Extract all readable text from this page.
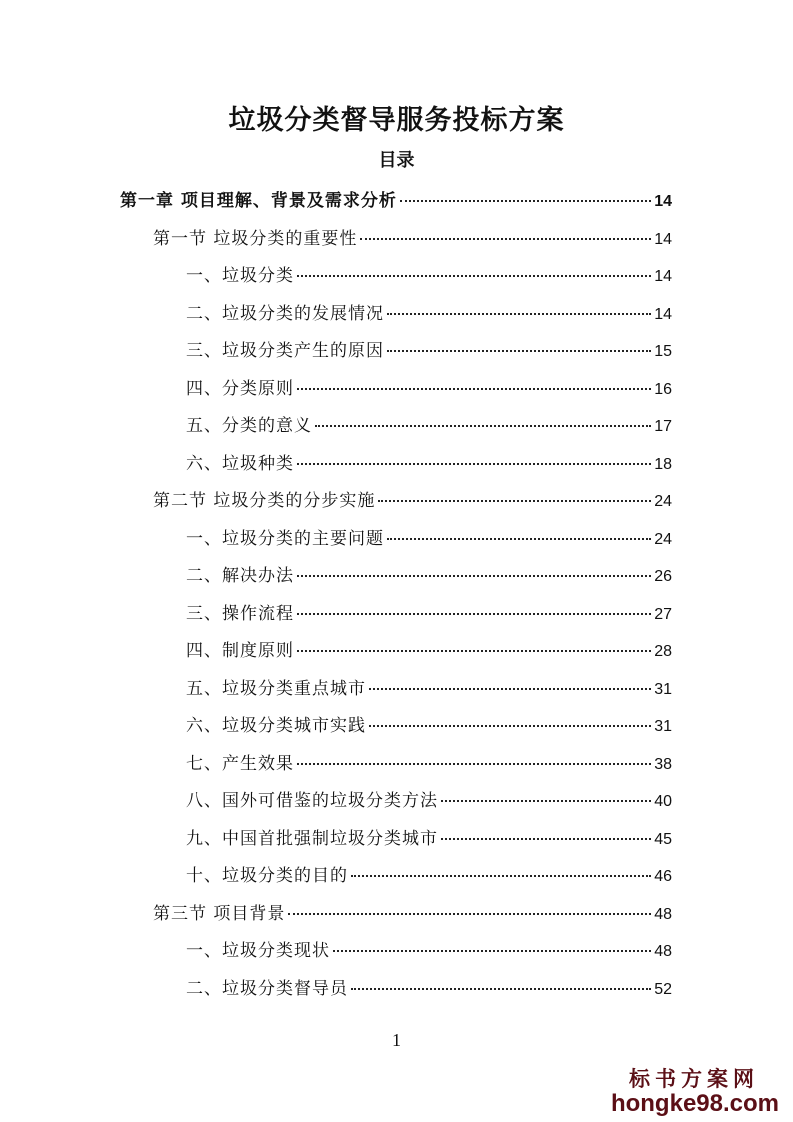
垃圾分类督导服务投标方案
目录
第一章 项目理解、背景及需求分析	14
第一节 垃圾分类的重要性	14
一、垃圾分类	14
二、垃圾分类的发展情况	14
三、垃圾分类产生的原因	15
四、分类原则	16
五、分类的意义	17
六、垃圾种类	18
第二节 垃圾分类的分步实施	24
一、垃圾分类的主要问题	24
二、解决办法	26
三、操作流程	27
四、制度原则	28
五、垃圾分类重点城市	31
六、垃圾分类城市实践	31
七、产生效果	38
八、国外可借鉴的垃圾分类方法	40
九、中国首批强制垃圾分类城市	45
十、垃圾分类的目的	46
第三节 项目背景	48
一、垃圾分类现状	48
二、垃圾分类督导员	52
1
标书方案网
hongke98.com
